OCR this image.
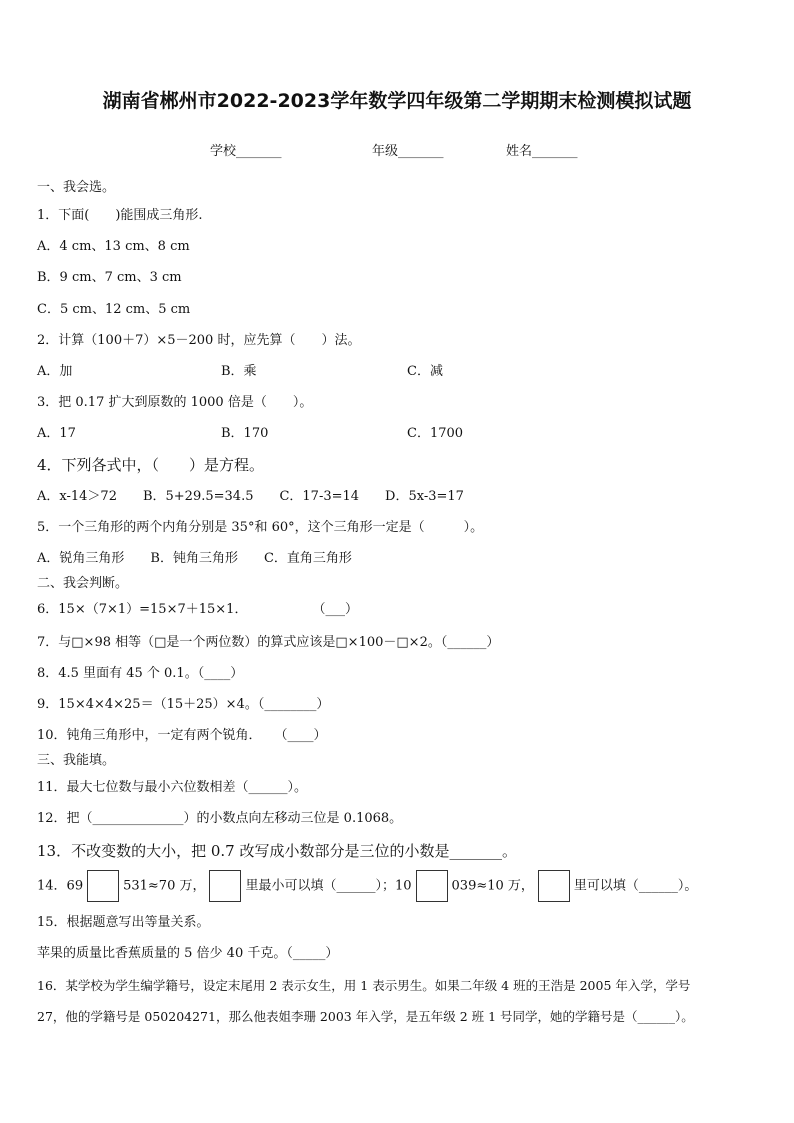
湖南省郴州市2022-2023学年数学四年级第二学期期末检测模拟试题
学校_______	年级_______	姓名_______
一、我会选。
1．下面(　　)能围成三角形.
A．4 cm、13 cm、8 cm
B．9 cm、7 cm、3 cm
C．5 cm、12 cm、5 cm
2．计算（100＋7）×5－200 时，应先算（　　）法。
A．加	B．乘	C．减
3．把 0.17 扩大到原数的 1000 倍是（　　）。
A．17	B．170	C．1700
4．下列各式中，（　　）是方程。
A．x-14＞72　　B．5+29.5=34.5　　C．17-3=14　　D．5x-3=17
5．一个三角形的两个内角分别是 35°和 60°，这个三角形一定是（　　　）。
A．锐角三角形　　B．钝角三角形　　C．直角三角形
二、我会判断。
6．15×（7×1）=15×7＋15×1．　　　　　　（___）
7．与□×98 相等（□是一个两位数）的算式应该是□×100－□×2。（______）
8．4.5 里面有 45 个 0.1。（____）
9．15×4×4×25＝（15＋25）×4。（________）
10．钝角三角形中，一定有两个锐角．　　（____）
三、我能填。
11．最大七位数与最小六位数相差（______）。
12．把（______________）的小数点向左移动三位是 0.1068。
13．不改变数的大小，把 0.7 改写成小数部分是三位的小数是_______。
14．69	531≈70 万，	里最小可以填（______）；10	039≈10 万，	里可以填（______）。
15．根据题意写出等量关系。
苹果的质量比香蕉质量的 5 倍少 40 千克。（_____）
16．某学校为学生编学籍号，设定末尾用 2 表示女生，用 1 表示男生。如果二年级 4 班的王浩是 2005 年入学，学号
27，他的学籍号是 050204271，那么他表姐李珊 2003 年入学，是五年级 2 班 1 号同学，她的学籍号是（______）。
